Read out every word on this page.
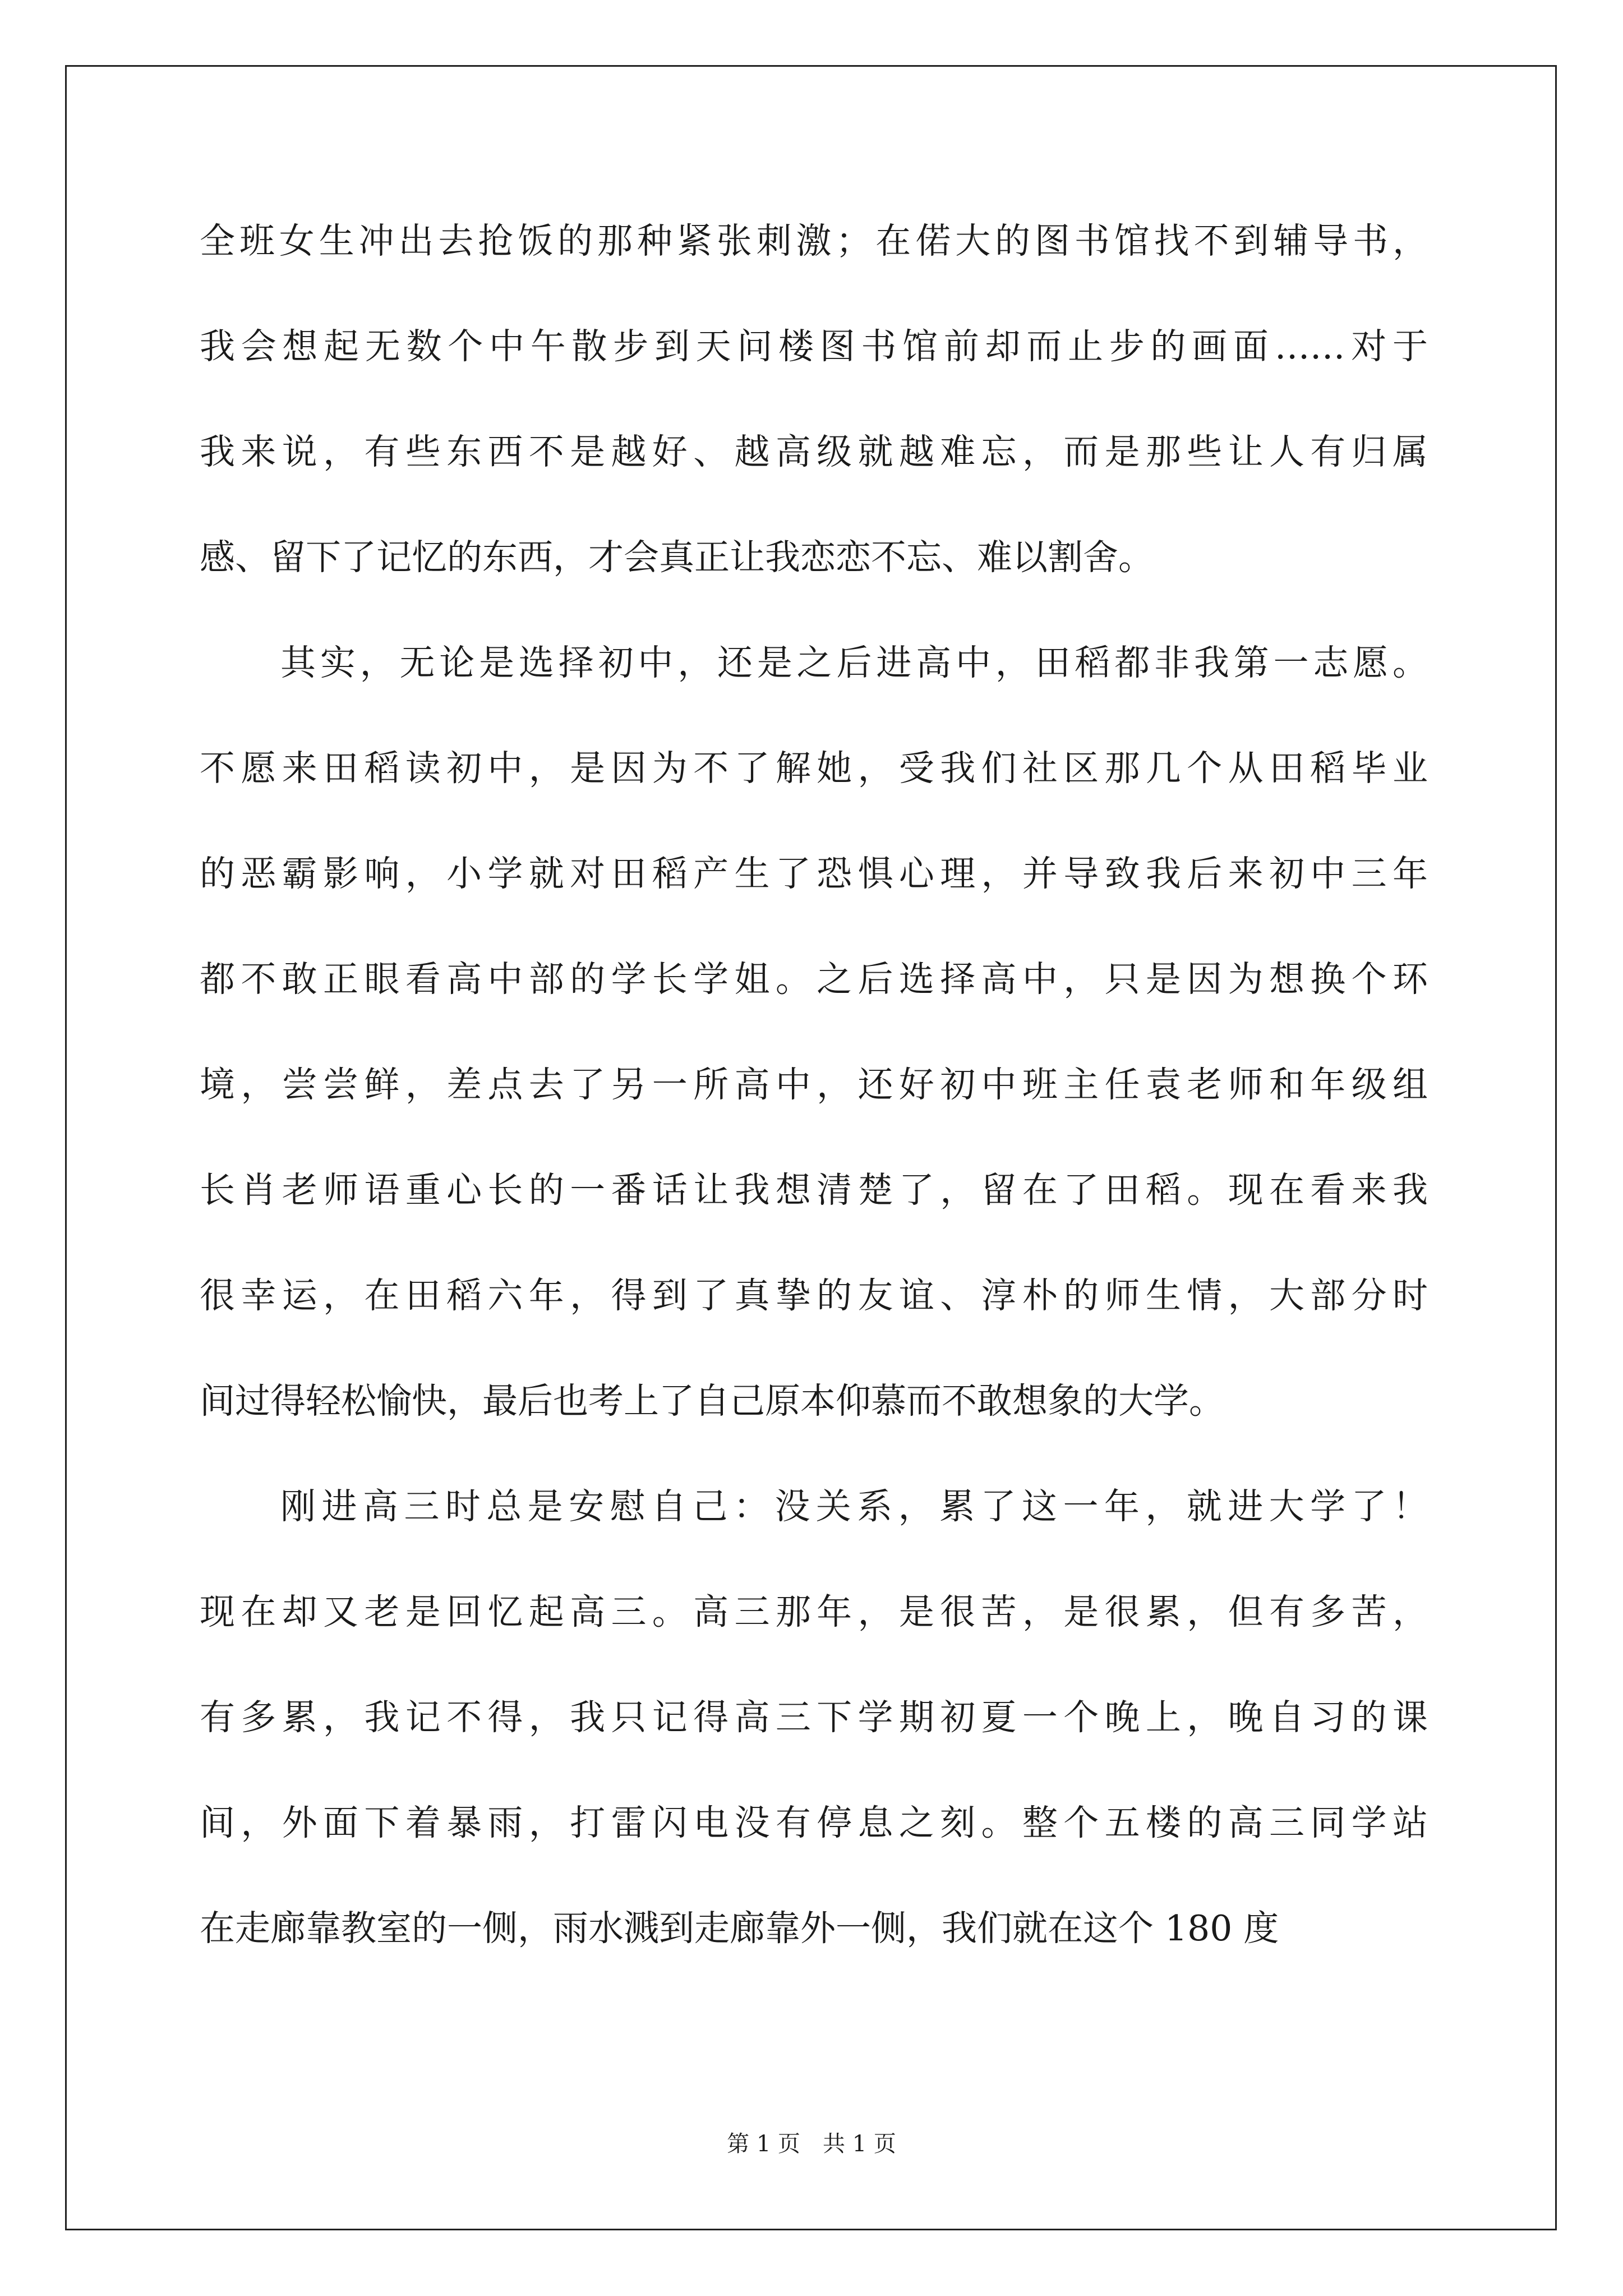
全班女生冲出去抢饭的那种紧张刺激；在偌大的图书馆找不到辅导书，
我会想起无数个中午散步到天问楼图书馆前却而止步的画面……对于
我来说，有些东西不是越好、越高级就越难忘，而是那些让人有归属
感、留下了记忆的东西，才会真正让我恋恋不忘、难以割舍。
其实，无论是选择初中，还是之后进高中，田稻都非我第一志愿。
不愿来田稻读初中，是因为不了解她，受我们社区那几个从田稻毕业
的恶霸影响，小学就对田稻产生了恐惧心理，并导致我后来初中三年
都不敢正眼看高中部的学长学姐。之后选择高中，只是因为想换个环
境，尝尝鲜，差点去了另一所高中，还好初中班主任袁老师和年级组
长肖老师语重心长的一番话让我想清楚了，留在了田稻。现在看来我
很幸运，在田稻六年，得到了真挚的友谊、淳朴的师生情，大部分时
间过得轻松愉快，最后也考上了自己原本仰慕而不敢想象的大学。
刚进高三时总是安慰自己：没关系，累了这一年，就进大学了！
现在却又老是回忆起高三。高三那年，是很苦，是很累，但有多苦，
有多累，我记不得，我只记得高三下学期初夏一个晚上，晚自习的课
间，外面下着暴雨，打雷闪电没有停息之刻。整个五楼的高三同学站
在走廊靠教室的一侧，雨水溅到走廊靠外一侧，我们就在这个 180 度
第 1 页　共 1 页
